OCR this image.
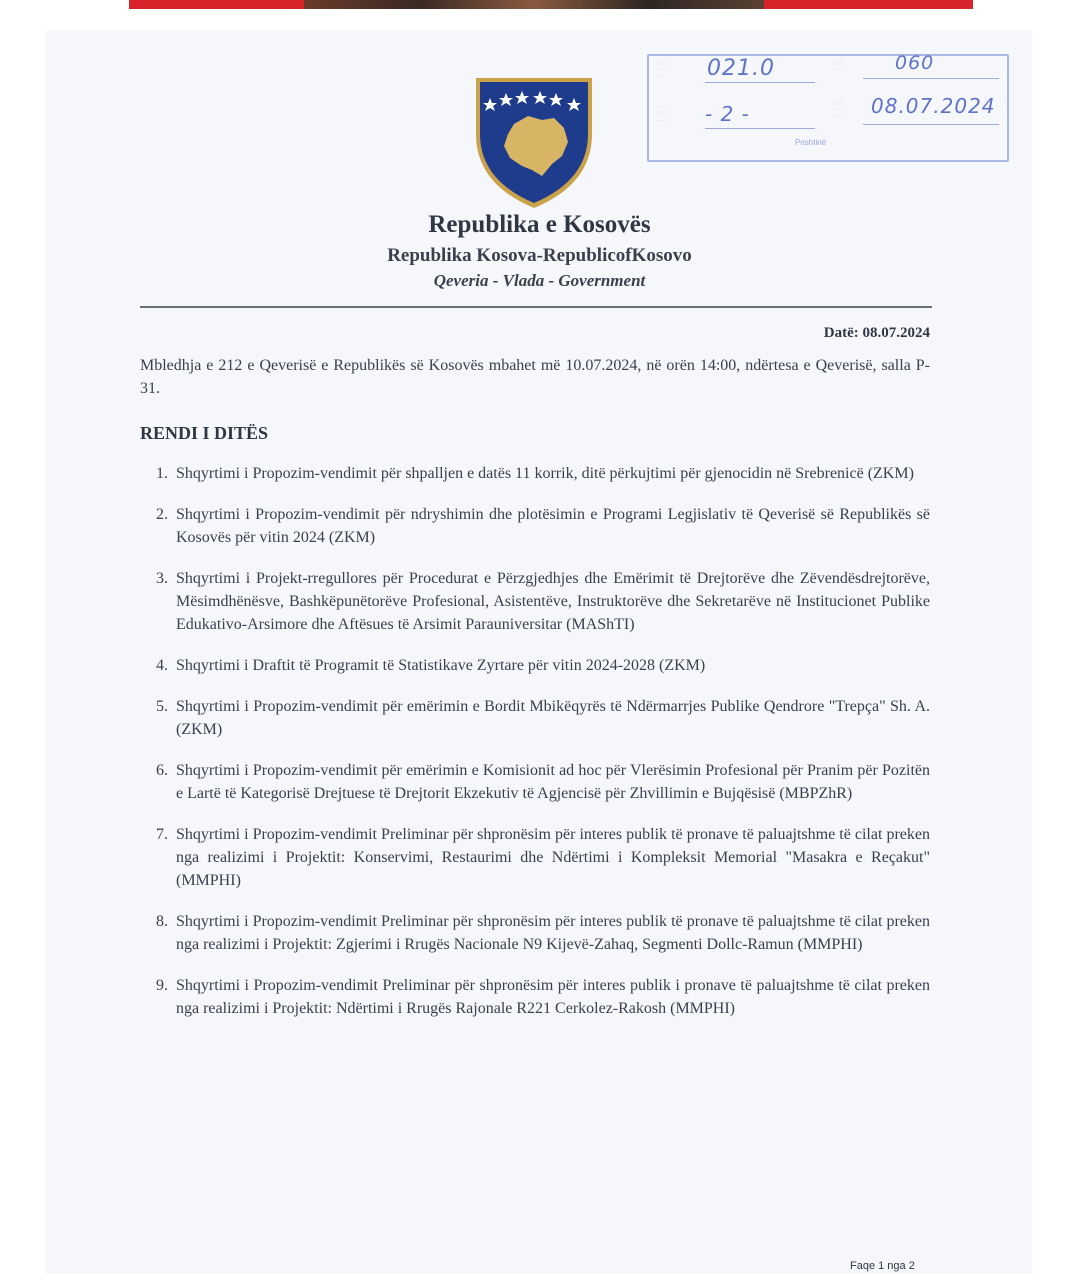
· · ·
· · ·
· · ·	021.0	· · ·
· · ·	060
· · ·
· · ·
· · ·	- 2 -	· · ·
· · ·
· · ·	08.07.2024
Prishtinë
Republika e Kosovës
Republika Kosova-RepublicofKosovo
Qeveria - Vlada - Government
Datë: 08.07.2024
Mbledhja e 212 e Qeverisë e Republikës së Kosovës mbahet më 10.07.2024, në orën 14:00, ndërtesa e Qeverisë, salla P-31.
RENDI I DITËS
1. Shqyrtimi i Propozim-vendimit për shpalljen e datës 11 korrik, ditë përkujtimi për gjenocidin në Srebrenicë (ZKM)
2. Shqyrtimi i Propozim-vendimit për ndryshimin dhe plotësimin e Programi Legjislativ të Qeverisë së Republikës së Kosovës për vitin 2024 (ZKM)
3. Shqyrtimi i Projekt-rregullores për Procedurat e Përzgjedhjes dhe Emërimit të Drejtorëve dhe Zëvendësdrejtorëve, Mësimdhënësve, Bashkëpunëtorëve Profesional, Asistentëve, Instruktorëve dhe Sekretarëve në Institucionet Publike Edukativo-Arsimore dhe Aftësues të Arsimit Parauniversitar (MAShTI)
4. Shqyrtimi i Draftit të Programit të Statistikave Zyrtare për vitin 2024-2028 (ZKM)
5. Shqyrtimi i Propozim-vendimit për emërimin e Bordit Mbikëqyrës të Ndërmarrjes Publike Qendrore "Trepça" Sh. A. (ZKM)
6. Shqyrtimi i Propozim-vendimit për emërimin e Komisionit ad hoc për Vlerësimin Profesional për Pranim për Pozitën e Lartë të Kategorisë Drejtuese të Drejtorit Ekzekutiv të Agjencisë për Zhvillimin e Bujqësisë (MBPZhR)
7. Shqyrtimi i Propozim-vendimit Preliminar për shpronësim për interes publik të pronave të paluajtshme të cilat preken nga realizimi i Projektit: Konservimi, Restaurimi dhe Ndërtimi i Kompleksit Memorial "Masakra e Reçakut" (MMPHI)
8. Shqyrtimi i Propozim-vendimit Preliminar për shpronësim për interes publik të pronave të paluajtshme të cilat preken nga realizimi i Projektit: Zgjerimi i Rrugës Nacionale N9 Kijevë-Zahaq, Segmenti Dollc-Ramun (MMPHI)
9. Shqyrtimi i Propozim-vendimit Preliminar për shpronësim për interes publik i pronave të paluajtshme të cilat preken nga realizimi i Projektit: Ndërtimi i Rrugës Rajonale R221 Cerkolez-Rakosh (MMPHI)
Faqe 1 nga 2
